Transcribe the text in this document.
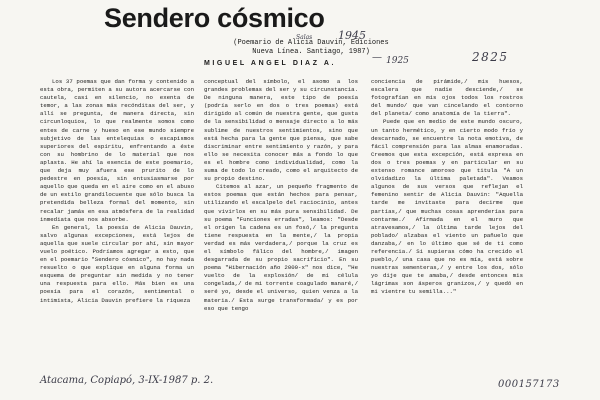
Sendero cósmico
(Poemario de Alicia Dauvin, Ediciones
Nueva Línea. Santiago, 1987)
MIGUEL ANGEL DIAZ A.
1945
Salas
— 1925	2825

Los 37 poemas que dan forma y contenido a esta obra, permiten a su autora acercarse con cautela, casi en silencio, no exenta de temor, a las zonas más recónditas del ser, y allí se pregunta, de manera directa, sin circunloquios, lo que realmente somos como entes de carne y hueso en ese mundo siempre subjetivo de las entelequias o escapismos superiores del espíritu, enfrentando a éste con su hombrino de lo material que nos aplasta. He ahí la esencia de este poemario, que deja muy afuera ese prurito de lo pedestre en poesía, sin entusiasmarse por aquello que queda en el aire como en el abuso de un estilo grandilocuente que sólo busca la pretendida belleza formal del momento, sin recalar jamás en esa atmósfera de la realidad inmediata que nos absorbe.

En general, la poesía de Alicia Dauvin, salvo algunas excepciones, está lejos de aquella que suele circular por ahí, sin mayor vuelo poético. Podríamos agregar a esto, que en el poemario "Sendero cósmico", no hay nada resuelto o que explique en alguna forma un esquema de preguntar sin medida y no tener una respuesta para ello. Más bien es una poesía para el corazón, sentimental o intimista, Alicia Dauvin prefiere la riqueza

conceptual del símbolo, el asomo a los grandes problemas del ser y su circunstancia. De ninguna manera, este tipo de poesía (podría serlo en dos o tres poemas) está dirigido al común de nuestra gente, que gusta de la sensibilidad o mensaje directo a lo más sublime de nuestros sentimientos, sino que está hecha para la gente que piensa, que sabe discriminar entre sentimiento y razón, y para ello se necesita conocer más a fondo lo que es el hombre como individualidad, como la suma de todo lo creado, como el arquitecto de su propio destino.

Citemos al azar, un pequeño fragmento de estos poemas que están hechos para pensar, utilizando el escalpelo del raciocinio, antes que vivirlos en su más pura sensibilidad. De su poema "Funciones erradas", leamos: "Desde el origen la cadena es un fosó,/ la pregunta tiene respuesta en la mente,/ la propia verdad es más verdadera,/ porque la cruz es el símbolo fálico del hombre,/ imagen desgarrada de su propio sacrificio". En su poema "Hibernación año 2000-x" nos dice, "He vuelto de la explosión/ de mi célula congelada,/ de mi torrente coagulado manaré,/ seré yo, desde el universo, quien venza a la materia./ Esta surge transformada/ y es por eso que tengo

conciencia de pirámide,/ mis huesos, escalera que nadie desciende,/ se fotografían en mis ojos todos los rostros del mundo/ que van cincelando el contorno del planeta/ como anatomía de la tierra".

Puede que en medio de este mundo oscuro, un tanto hermético, y en cierto modo frío y descarnado, se encuentre la nota emotiva, de fácil comprensión para las almas enamoradas. Creemos que esta excepción, está expresa en dos o tres poemas y en particular en su extenso romance amoroso que titula "A un olvidadizo la última paletada". Veamos algunos de sus versos que reflejan el femenino sentir de Alicia Dauvin: "Aquella tarde me invitaste para decirme que partías,/ que muchas cosas aprenderías para contarme./ Afirmada en el muro que atravesamos,/ la última tarde lejos del poblado/ alzabas el viento un pañuelo que danzaba,/ en lo último que sé de ti como referencia./ Si supieras cómo ha crecido el pueblo,/ una casa que no es mía, está sobre nuestras sementeras,/ y entre los dos, sólo yo dije que te amaba,/ desde entonces mis lágrimas son ásperos granizos,/ y quedó en mi vientre tu semilla..."

Atacama, Copiapó, 3-IX-1987 p. 2.	000157173
